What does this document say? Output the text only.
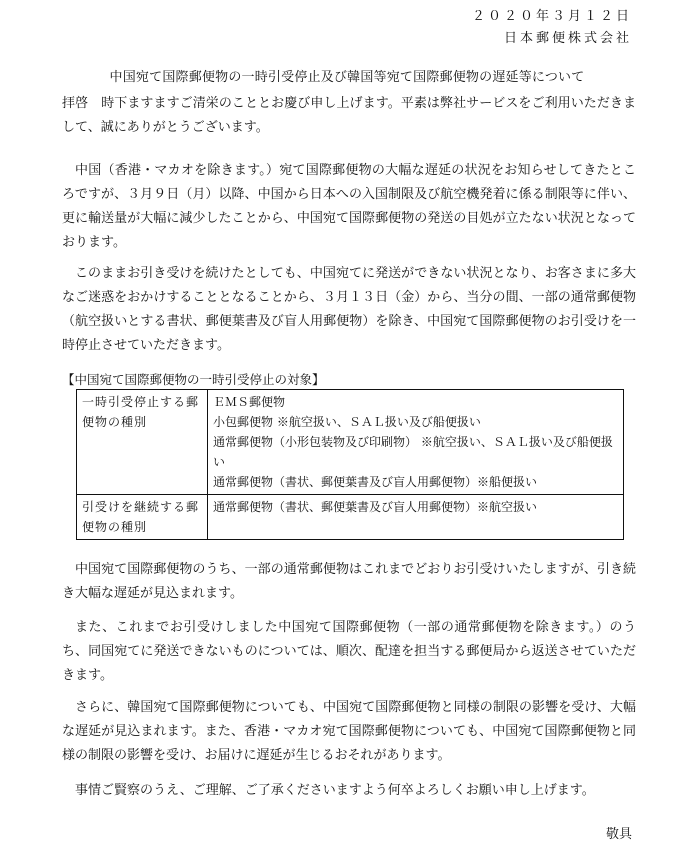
２０２０年３月１２日
日本郵便株式会社
中国宛て国際郵便物の一時引受停止及び韓国等宛て国際郵便物の遅延等について

拝啓　時下ますますご清栄のこととお慶び申し上げます。平素は弊社サービスをご利用いただきまして、誠にありがとうございます。

中国（香港・マカオを除きます。）宛て国際郵便物の大幅な遅延の状況をお知らせしてきたところですが、３月９日（月）以降、中国から日本への入国制限及び航空機発着に係る制限等に伴い、更に輸送量が大幅に減少したことから、中国宛て国際郵便物の発送の目処が立たない状況となっております。

このままお引き受けを続けたとしても、中国宛てに発送ができない状況となり、お客さまに多大なご迷惑をおかけすることとなることから、３月１３日（金）から、当分の間、一部の通常郵便物（航空扱いとする書状、郵便葉書及び盲人用郵便物）を除き、中国宛て国際郵便物のお引受けを一時停止させていただきます。

【中国宛て国際郵便物の一時引受停止の対象】
一時引受停止する郵便物の種別	ＥＭＳ郵便物
小包郵便物 ※航空扱い、ＳＡＬ扱い及び船便扱い
通常郵便物（小形包装物及び印刷物） ※航空扱い、ＳＡＬ扱い及び船便扱い
通常郵便物（書状、郵便葉書及び盲人用郵便物）※船便扱い

引受けを継続する郵便物の種別	通常郵便物（書状、郵便葉書及び盲人用郵便物）※航空扱い

中国宛て国際郵便物のうち、一部の通常郵便物はこれまでどおりお引受けいたしますが、引き続き大幅な遅延が見込まれます。

また、これまでお引受けしました中国宛て国際郵便物（一部の通常郵便物を除きます。）のうち、同国宛てに発送できないものについては、順次、配達を担当する郵便局から返送させていただきます。

さらに、韓国宛て国際郵便物についても、中国宛て国際郵便物と同様の制限の影響を受け、大幅な遅延が見込まれます。また、香港・マカオ宛て国際郵便物についても、中国宛て国際郵便物と同様の制限の影響を受け、お届けに遅延が生じるおそれがあります。

事情ご賢察のうえ、ご理解、ご了承くださいますよう何卒よろしくお願い申し上げます。

敬具
